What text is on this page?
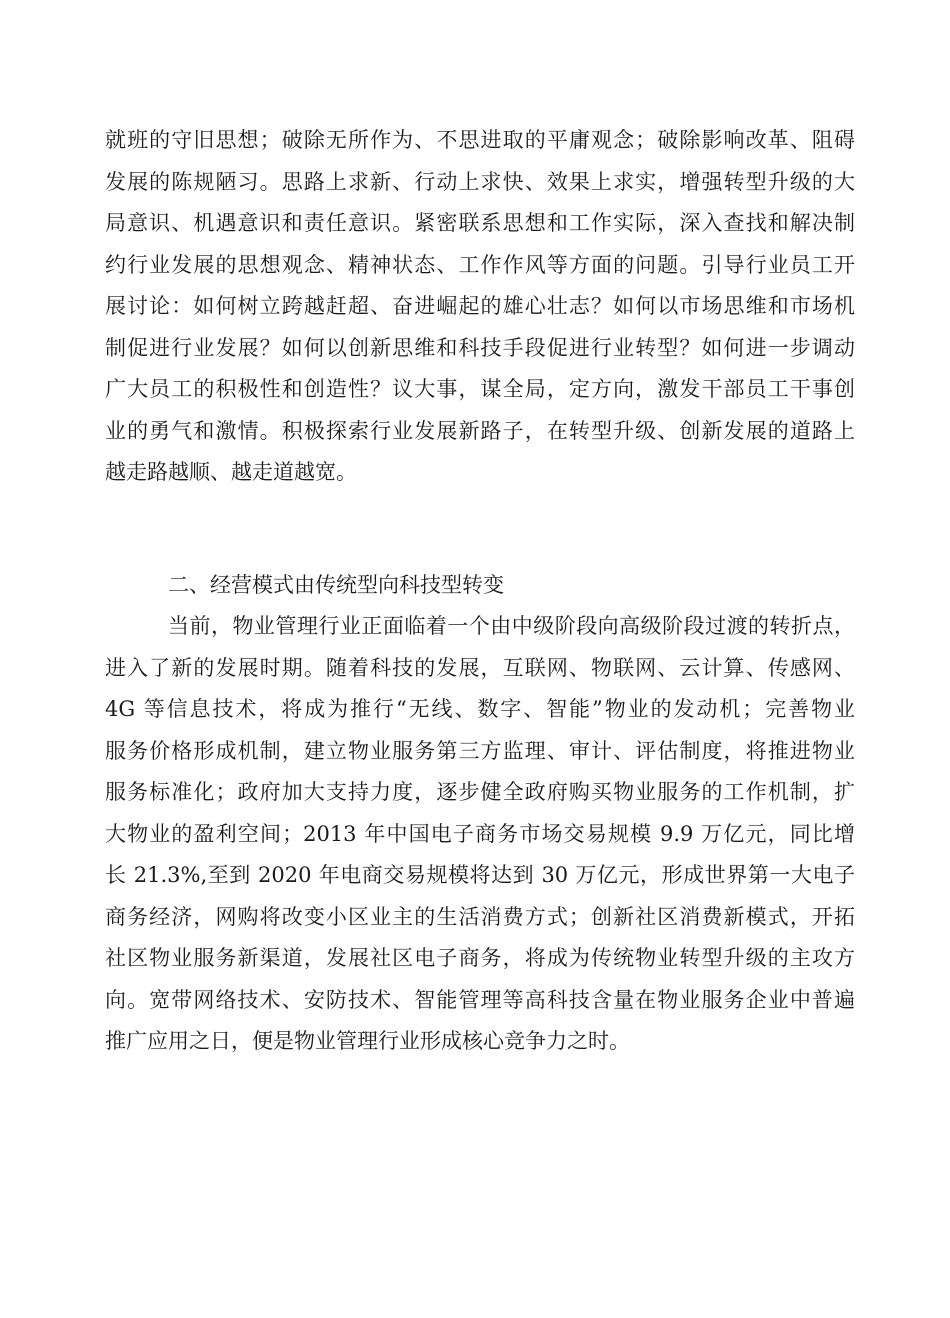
就班的守旧思想；破除无所作为、不思进取的平庸观念；破除影响改革、阻碍
发展的陈规陋习。思路上求新、行动上求快、效果上求实，增强转型升级的大
局意识、机遇意识和责任意识。紧密联系思想和工作实际，深入查找和解决制
约行业发展的思想观念、精神状态、工作作风等方面的问题。引导行业员工开
展讨论：如何树立跨越赶超、奋进崛起的雄心壮志？如何以市场思维和市场机
制促进行业发展？如何以创新思维和科技手段促进行业转型？如何进一步调动
广大员工的积极性和创造性？议大事，谋全局，定方向，激发干部员工干事创
业的勇气和激情。积极探索行业发展新路子，在转型升级、创新发展的道路上
越走路越顺、越走道越宽。
二、经营模式由传统型向科技型转变
当前，物业管理行业正面临着一个由中级阶段向高级阶段过渡的转折点，
进入了新的发展时期。随着科技的发展，互联网、物联网、云计算、传感网、
4G 等信息技术，将成为推行“无线、数字、智能”物业的发动机；完善物业
服务价格形成机制，建立物业服务第三方监理、审计、评估制度，将推进物业
服务标准化；政府加大支持力度，逐步健全政府购买物业服务的工作机制，扩
大物业的盈利空间；2013 年中国电子商务市场交易规模 9.9 万亿元，同比增
长 21.3%,至到 2020 年电商交易规模将达到 30 万亿元，形成世界第一大电子
商务经济，网购将改变小区业主的生活消费方式；创新社区消费新模式，开拓
社区物业服务新渠道，发展社区电子商务，将成为传统物业转型升级的主攻方
向。宽带网络技术、安防技术、智能管理等高科技含量在物业服务企业中普遍
推广应用之日，便是物业管理行业形成核心竞争力之时。
